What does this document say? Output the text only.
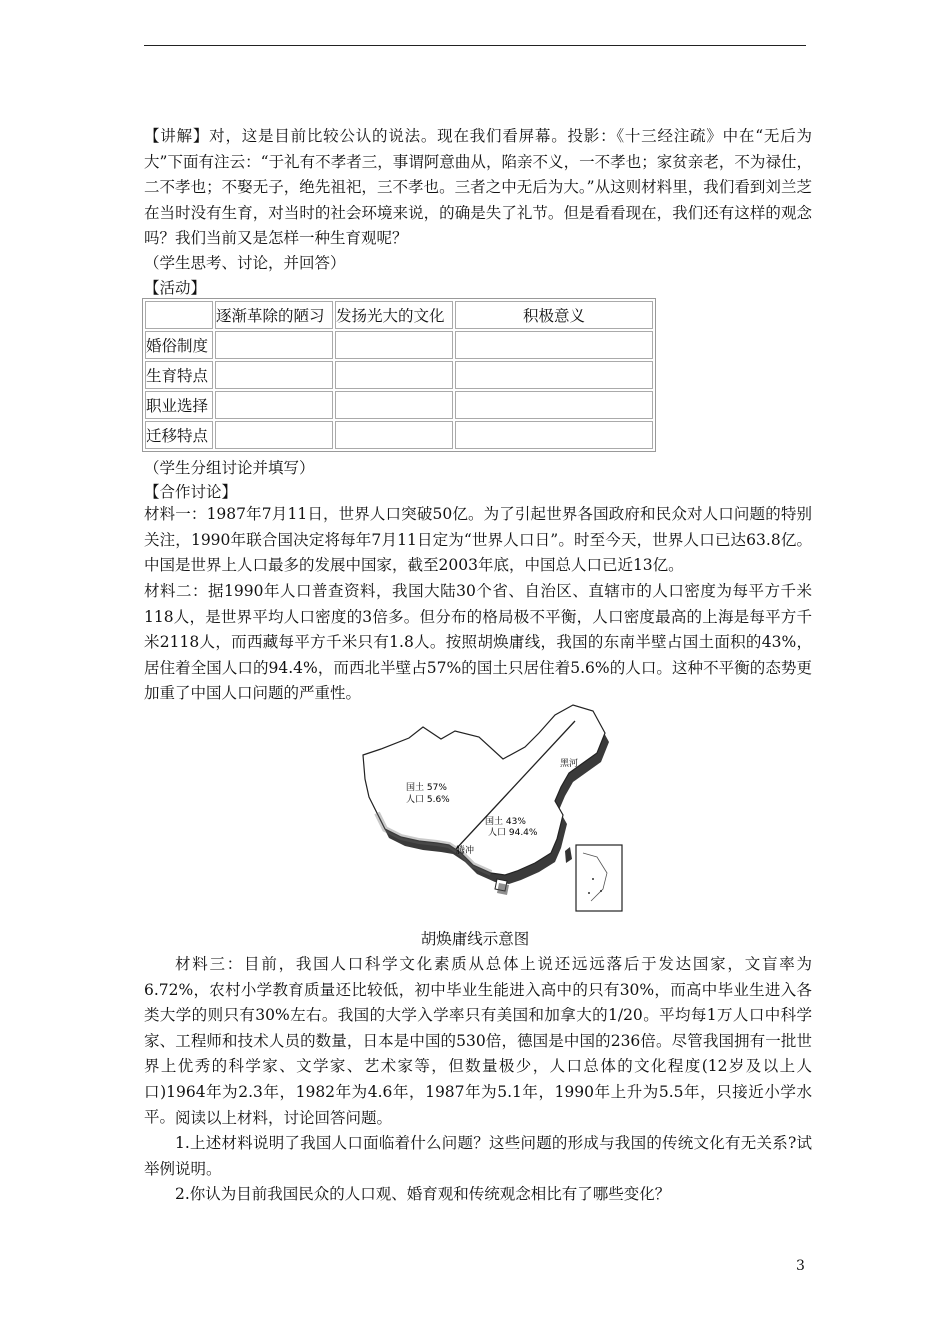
【讲解】对，这是目前比较公认的说法。现在我们看屏幕。投影：《十三经注疏》中在“无后为大”下面有注云：“于礼有不孝者三，事谓阿意曲从，陷亲不义，一不孝也；家贫亲老，不为禄仕，二不孝也；不娶无子，绝先祖祀，三不孝也。三者之中无后为大。”从这则材料里，我们看到刘兰芝在当时没有生育，对当时的社会环境来说，的确是失了礼节。但是看看现在，我们还有这样的观念吗？我们当前又是怎样一种生育观呢？

（学生思考、讨论，并回答）

【活动】

	逐渐革除的陋习	发扬光大的文化	积极意义
婚俗制度			
生育特点			
职业选择			
迁移特点			

（学生分组讨论并填写）

【合作讨论】

材料一：1987年7月11日，世界人口突破50亿。为了引起世界各国政府和民众对人口问题的特别关注，1990年联合国决定将每年7月11日定为“世界人口日”。时至今天，世界人口已达63.8亿。中国是世界上人口最多的发展中国家，截至2003年底，中国总人口已近13亿。

材料二：据1990年人口普查资料，我国大陆30个省、自治区、直辖市的人口密度为每平方千米118人，是世界平均人口密度的3倍多。但分布的格局极不平衡，人口密度最高的上海是每平方千米2118人，而西藏每平方千米只有1.8人。按照胡焕庸线，我国的东南半壁占国土面积的43%，居住着全国人口的94.4%，而西北半壁占57%的国土只居住着5.6%的人口。这种不平衡的态势更加重了中国人口问题的严重性。

黑河
国土 57%
人口 5.6%
国土 43%
人口 94.4%
腾冲
胡焕庸线示意图

材料三：目前，我国人口科学文化素质从总体上说还远远落后于发达国家，文盲率为6.72%，农村小学教育质量还比较低，初中毕业生能进入高中的只有30%，而高中毕业生进入各类大学的则只有30%左右。我国的大学入学率只有美国和加拿大的1/20。平均每1万人口中科学家、工程师和技术人员的数量，日本是中国的530倍，德国是中国的236倍。尽管我国拥有一批世界上优秀的科学家、文学家、艺术家等，但数量极少，人口总体的文化程度(12岁及以上人口)1964年为2.3年，1982年为4.6年，1987年为5.1年，1990年上升为5.5年，只接近小学水平。 阅读以上材料，讨论回答问题。

1.上述材料说明了我国人口面临着什么问题？这些问题的形成与我国的传统文化有无关系?试举例说明。

2.你认为目前我国民众的人口观、婚育观和传统观念相比有了哪些变化？

3
